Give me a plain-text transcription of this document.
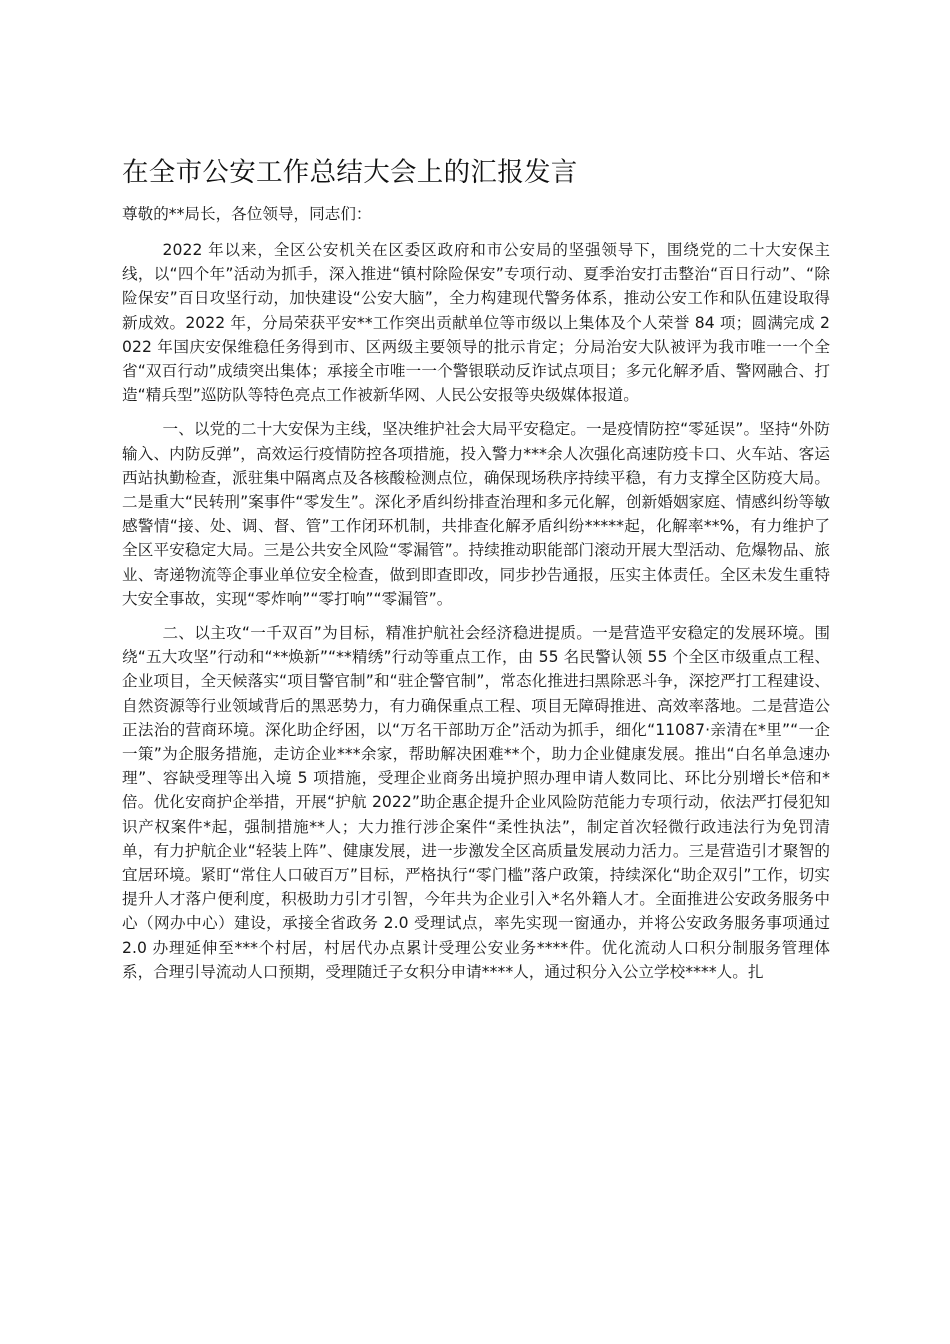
在全市公安工作总结大会上的汇报发言
尊敬的**局长，各位领导，同志们：

2022 年以来，全区公安机关在区委区政府和市公安局的坚强领导下，围绕党的二十大安保主线，以“四个年”活动为抓手，深入推进“镇村除险保安”专项行动、夏季治安打击整治“百日行动”、“除险保安”百日攻坚行动，加快建设“公安大脑”，全力构建现代警务体系，推动公安工作和队伍建设取得新成效。2022 年，分局荣获平安**工作突出贡献单位等市级以上集体及个人荣誉 84 项；圆满完成 2022 年国庆安保维稳任务得到市、区两级主要领导的批示肯定；分局治安大队被评为我市唯一一个全省“双百行动”成绩突出集体；承接全市唯一一个警银联动反诈试点项目；多元化解矛盾、警网融合、打造“精兵型”巡防队等特色亮点工作被新华网、人民公安报等央级媒体报道。

一、以党的二十大安保为主线，坚决维护社会大局平安稳定。一是疫情防控“零延误”。坚持“外防输入、内防反弹”，高效运行疫情防控各项措施，投入警力***余人次强化高速防疫卡口、火车站、客运西站执勤检查，派驻集中隔离点及各核酸检测点位，确保现场秩序持续平稳，有力支撑全区防疫大局。二是重大“民转刑”案事件“零发生”。深化矛盾纠纷排查治理和多元化解，创新婚姻家庭、情感纠纷等敏感警情“接、处、调、督、管”工作闭环机制，共排查化解矛盾纠纷*****起，化解率**%，有力维护了全区平安稳定大局。三是公共安全风险“零漏管”。持续推动职能部门滚动开展大型活动、危爆物品、旅业、寄递物流等企事业单位安全检查，做到即查即改，同步抄告通报，压实主体责任。全区未发生重特大安全事故，实现“零炸响”“零打响”“零漏管”。

二、以主攻“一千双百”为目标，精准护航社会经济稳进提质。一是营造平安稳定的发展环境。围绕“五大攻坚”行动和“**焕新”“**精绣”行动等重点工作，由 55 名民警认领 55 个全区市级重点工程、企业项目，全天候落实“项目警官制”和“驻企警官制”，常态化推进扫黑除恶斗争，深挖严打工程建设、自然资源等行业领域背后的黑恶势力，有力确保重点工程、项目无障碍推进、高效率落地。二是营造公正法治的营商环境。深化助企纾困，以“万名干部助万企”活动为抓手，细化“11087·亲清在*里”“一企一策”为企服务措施，走访企业***余家，帮助解决困难**个，助力企业健康发展。推出“白名单急速办理”、容缺受理等出入境 5 项措施，受理企业商务出境护照办理申请人数同比、环比分别增长*倍和*倍。优化安商护企举措，开展“护航 2022”助企惠企提升企业风险防范能力专项行动，依法严打侵犯知识产权案件*起，强制措施**人；大力推行涉企案件“柔性执法”，制定首次轻微行政违法行为免罚清单，有力护航企业“轻装上阵”、健康发展，进一步激发全区高质量发展动力活力。三是营造引才聚智的宜居环境。紧盯“常住人口破百万”目标，严格执行“零门槛”落户政策，持续深化“助企双引”工作，切实提升人才落户便利度，积极助力引才引智，今年共为企业引入*名外籍人才。全面推进公安政务服务中心（网办中心）建设，承接全省政务 2.0 受理试点，率先实现一窗通办，并将公安政务服务事项通过 2.0 办理延伸至***个村居，村居代办点累计受理公安业务****件。优化流动人口积分制服务管理体系，合理引导流动人口预期，受理随迁子女积分申请****人，通过积分入公立学校****人。扎
